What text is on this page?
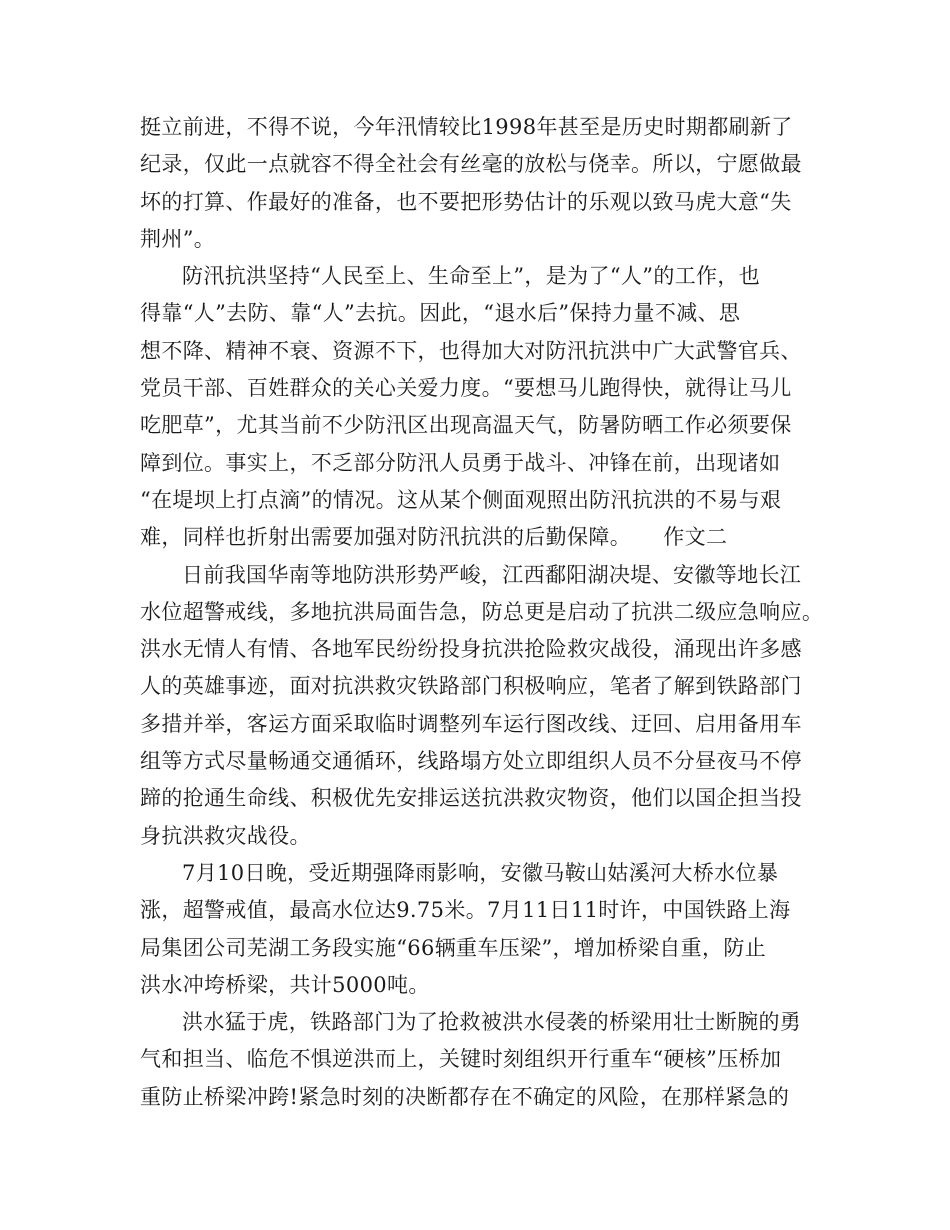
挺立前进，不得不说，今年汛情较比1998年甚至是历史时期都刷新了
纪录，仅此一点就容不得全社会有丝毫的放松与侥幸。所以，宁愿做最
坏的打算、作最好的准备，也不要把形势估计的乐观以致马虎大意“失
荆州”。
防汛抗洪坚持“人民至上、生命至上”，是为了“人”的工作，也
得靠“人”去防、靠“人”去抗。因此，“退水后”保持力量不减、思
想不降、精神不衰、资源不下，也得加大对防汛抗洪中广大武警官兵、
党员干部、百姓群众的关心关爱力度。“要想马儿跑得快，就得让马儿
吃肥草”，尤其当前不少防汛区出现高温天气，防暑防晒工作必须要保
障到位。事实上，不乏部分防汛人员勇于战斗、冲锋在前，出现诸如
“在堤坝上打点滴”的情况。这从某个侧面观照出防汛抗洪的不易与艰
难，同样也折射出需要加强对防汛抗洪的后勤保障。　　作文二
日前我国华南等地防洪形势严峻，江西鄱阳湖决堤、安徽等地长江
水位超警戒线，多地抗洪局面告急，防总更是启动了抗洪二级应急响应。
洪水无情人有情、各地军民纷纷投身抗洪抢险救灾战役，涌现出许多感
人的英雄事迹，面对抗洪救灾铁路部门积极响应，笔者了解到铁路部门
多措并举，客运方面采取临时调整列车运行图改线、迂回、启用备用车
组等方式尽量畅通交通循环，线路塌方处立即组织人员不分昼夜马不停
蹄的抢通生命线、积极优先安排运送抗洪救灾物资，他们以国企担当投
身抗洪救灾战役。
7月10日晚，受近期强降雨影响，安徽马鞍山姑溪河大桥水位暴
涨，超警戒值，最高水位达9.75米。7月11日11时许，中国铁路上海
局集团公司芜湖工务段实施“66辆重车压梁”，增加桥梁自重，防止
洪水冲垮桥梁，共计5000吨。
洪水猛于虎，铁路部门为了抢救被洪水侵袭的桥梁用壮士断腕的勇
气和担当、临危不惧逆洪而上，关键时刻组织开行重车“硬核”压桥加
重防止桥梁冲跨!紧急时刻的决断都存在不确定的风险，在那样紧急的
